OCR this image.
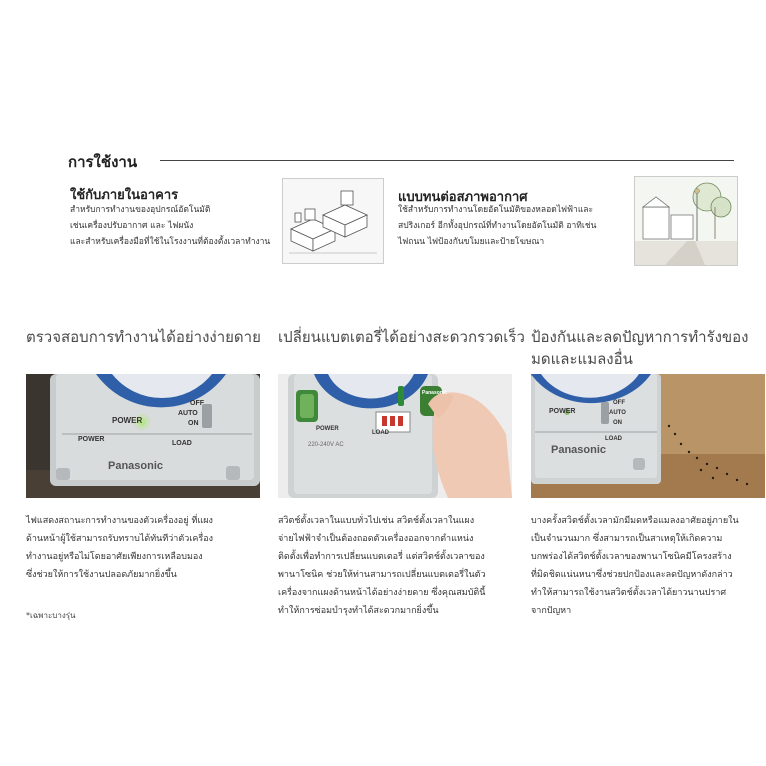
การใช้งาน
ใช้กับภายในอาคาร
สำหรับการทำงานของอุปกรณ์อัตโนมัติ
เช่นเครื่องปรับอากาศ และ ไฟผนัง
และสำหรับเครื่องมือที่ใช้ในโรงงานที่ต้องตั้งเวลาทำงาน
แบบทนต่อสภาพอากาศ
ใช้สำหรับการทำงานโดยอัตโนมัติของหลอดไฟฟ้าและ
สปริงเกอร์ อีกทั้งอุปกรณ์ที่ทำงานโดยอัตโนมัติ อาทิเช่น
ไฟถนน ไฟป้องกันขโมยและป้ายโฆษณา
ตรวจสอบการทำงานได้อย่างง่ายดาย
POWER
OFF
AUTO
ON
POWER
LOAD
Panasonic
ไฟแสดงสถานะการทำงานของตัวเครื่องอยู่ ที่แผง
ด้านหน้าผู้ใช้สามารถรับทราบได้ทันทีว่าตัวเครื่อง
ทำงานอยู่หรือไม่โดยอาศัยเพียงการเหลือบมอง
ซึ่งช่วยให้การใช้งานปลอดภัยมากยิ่งขึ้น
*เฉพาะบางรุ่น
เปลี่ยนแบตเตอรี่ได้อย่างสะดวกรวดเร็ว
POWER
LOAD
220-240V AC
Panasonic
สวิตช์ตั้งเวลาในแบบทั่วไปเช่น สวิตช์ตั้งเวลาในแผง
จ่ายไฟฟ้าจำเป็นต้องถอดตัวเครื่องออกจากตำแหน่ง
ติดตั้งเพื่อทำการเปลี่ยนแบตเตอรี่ แต่สวิตช์ตั้งเวลาของ
พานาโซนิค ช่วยให้ท่านสามารถเปลี่ยนแบตเตอรี่ในตัว
เครื่องจากแผงด้านหน้าได้อย่างง่ายดาย ซึ่งคุณสมบัตินี้
ทำให้การซ่อมบำรุงทำได้สะดวกมากยิ่งขึ้น
ป้องกันและลดปัญหาการทำรังของ
มดและแมลงอื่น
POWER
OFF
AUTO
ON
LOAD
Panasonic
บางครั้งสวิตช์ตั้งเวลามักมีมดหรือแมลงอาศัยอยู่ภายใน
เป็นจำนวนมาก ซึ่งสามารถเป็นสาเหตุให้เกิดความ
บกพร่องได้สวิตช์ตั้งเวลาของพานาโซนิคมีโครงสร้าง
ที่มิดชิดแน่นหนาซึ่งช่วยปกป้องและลดปัญหาดังกล่าว
ทำให้สามารถใช้งานสวิตช์ตั้งเวลาได้ยาวนานปราศ
จากปัญหา
